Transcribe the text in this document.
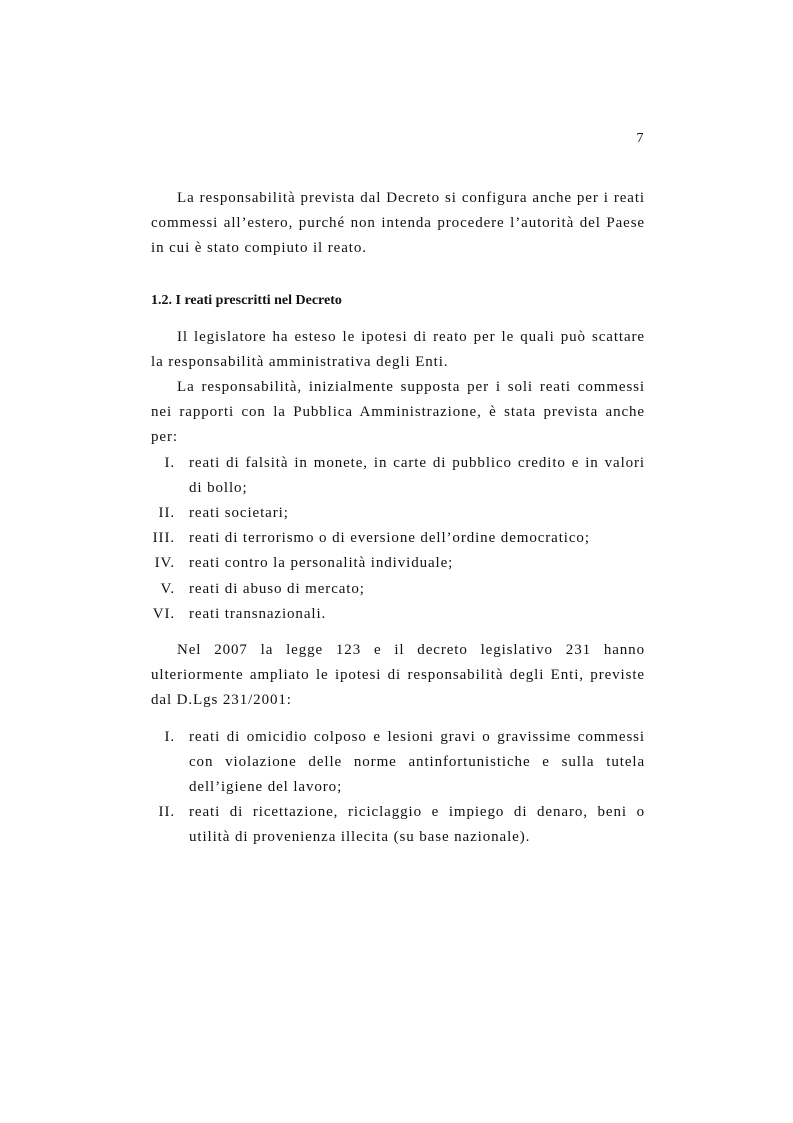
7

La responsabilità prevista dal Decreto si configura anche per i reati commessi all’estero, purché non intenda procedere l’autorità del Paese in cui è stato compiuto il reato.

1.2. I reati prescritti nel Decreto

Il legislatore ha esteso le ipotesi di reato per le quali può scattare la responsabilità amministrativa degli Enti.

La responsabilità, inizialmente supposta per i soli reati commessi nei rapporti con la Pubblica Amministrazione, è stata prevista anche per:

I. reati di falsità in monete, in carte di pubblico credito e in valori di bollo;
II. reati societari;
III. reati di terrorismo o di eversione dell’ordine democratico;
IV. reati contro la personalità individuale;
V. reati di abuso di mercato;
VI. reati transnazionali.

Nel 2007 la legge 123 e il decreto legislativo 231 hanno ulteriormente ampliato le ipotesi di responsabilità degli Enti, previste dal D.Lgs 231/2001:

I. reati di omicidio colposo e lesioni gravi o gravissime commessi con violazione delle norme antinfortunistiche e sulla tutela dell’igiene del lavoro;
II. reati di ricettazione, riciclaggio e impiego di denaro, beni o utilità di provenienza illecita (su base nazionale).
